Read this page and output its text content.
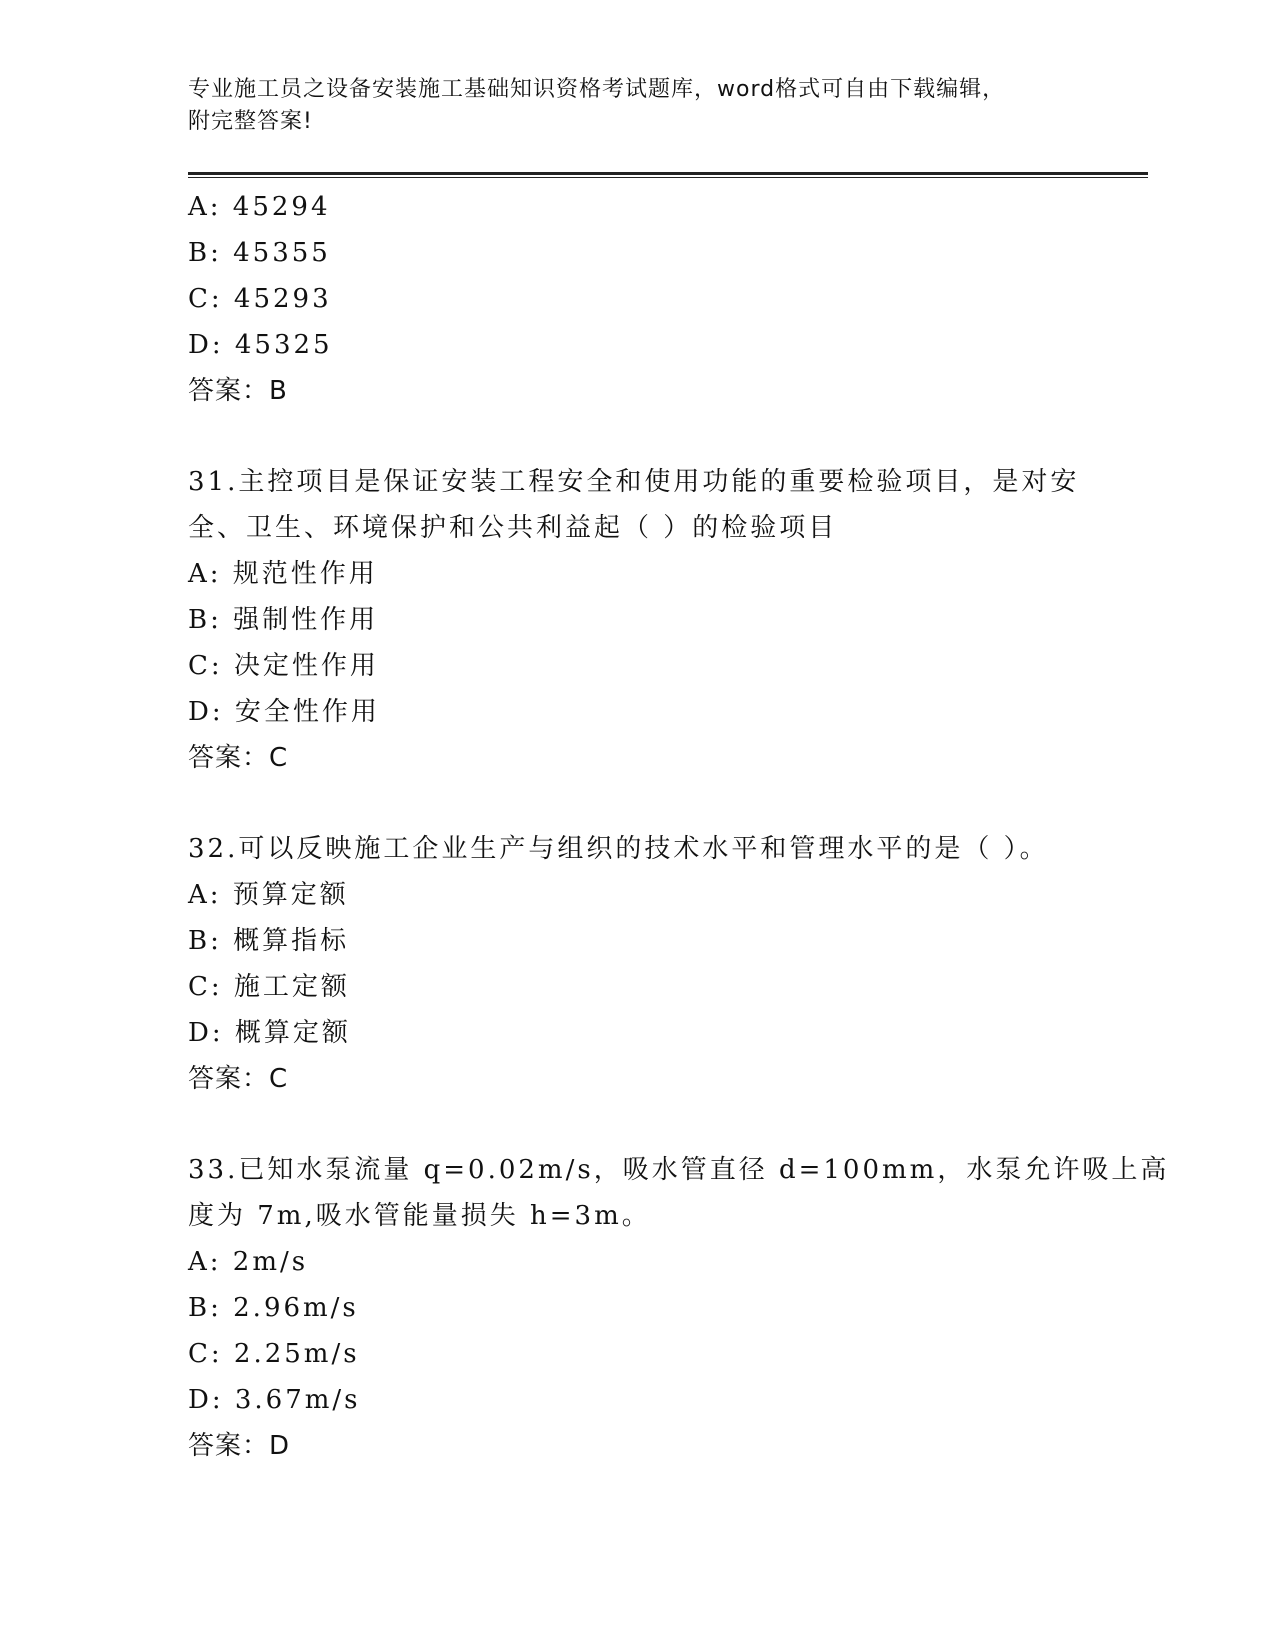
专业施工员之设备安装施工基础知识资格考试题库，word格式可自由下载编辑，
附完整答案!
A: 45294
B: 45355
C: 45293
D: 45325
答案：B
31.主控项目是保证安装工程安全和使用功能的重要检验项目，是对安
全、卫生、环境保护和公共利益起（ ）的检验项目
A: 规范性作用
B: 强制性作用
C: 决定性作用
D: 安全性作用
答案：C
32.可以反映施工企业生产与组织的技术水平和管理水平的是（ ）。
A: 预算定额
B: 概算指标
C: 施工定额
D: 概算定额
答案：C
33.已知水泵流量 q=0.02m/s，吸水管直径 d=100mm，水泵允许吸上高
度为 7m,吸水管能量损失 h=3m。
A: 2m/s
B: 2.96m/s
C: 2.25m/s
D: 3.67m/s
答案：D
